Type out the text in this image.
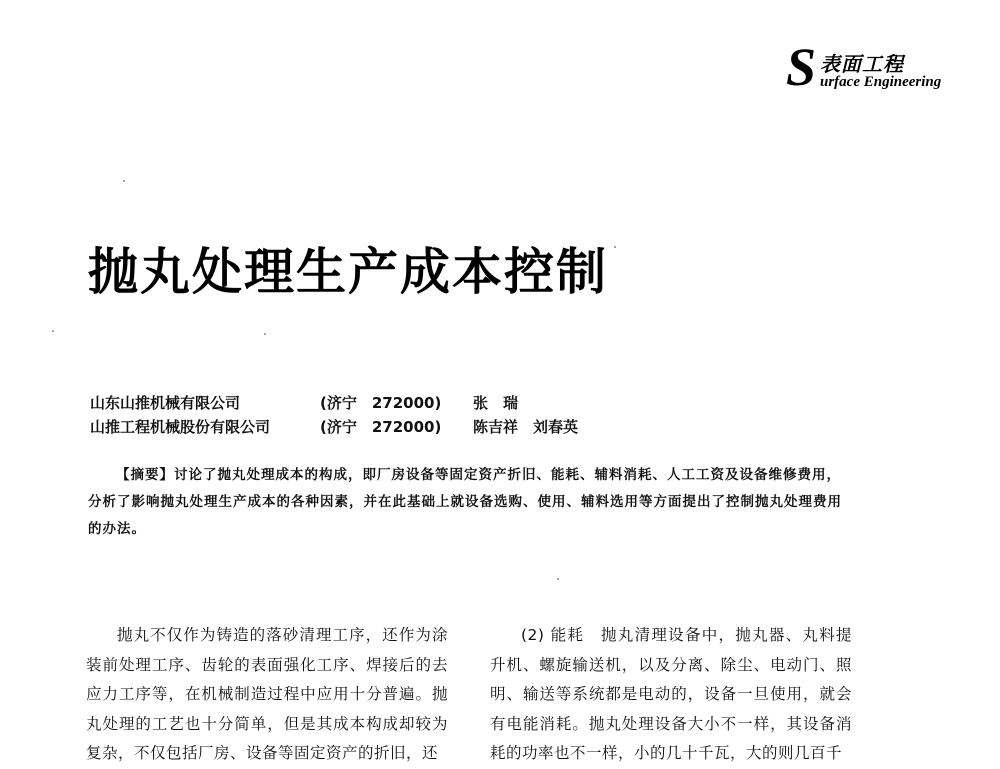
S 表面工程
urface Engineering
抛丸处理生产成本控制
山东山推机械有限公司	(济宁　272000) 张　瑞
山推工程机械股份有限公司	(济宁　272000) 陈吉祥　刘春英
【摘要】讨论了抛丸处理成本的构成，即厂房设备等固定资产折旧、能耗、辅料消耗、人工工资及设备维修费用，分析了影响抛丸处理生产成本的各种因素，并在此基础上就设备选购、使用、辅料选用等方面提出了控制抛丸处理费用的办法。

抛丸不仅作为铸造的落砂清理工序，还作为涂装前处理工序、齿轮的表面强化工序、焊接后的去应力工序等，在机械制造过程中应用十分普遍。抛丸处理的工艺也十分简单，但是其成本构成却较为复杂，不仅包括厂房、设备等固定资产的折旧，还

(2) 能耗　抛丸清理设备中，抛丸器、丸料提升机、螺旋输送机，以及分离、除尘、电动门、照明、输送等系统都是电动的，设备一旦使用，就会有电能消耗。抛丸处理设备大小不一样，其设备消耗的功率也不一样，小的几十千瓦，大的则几百千
